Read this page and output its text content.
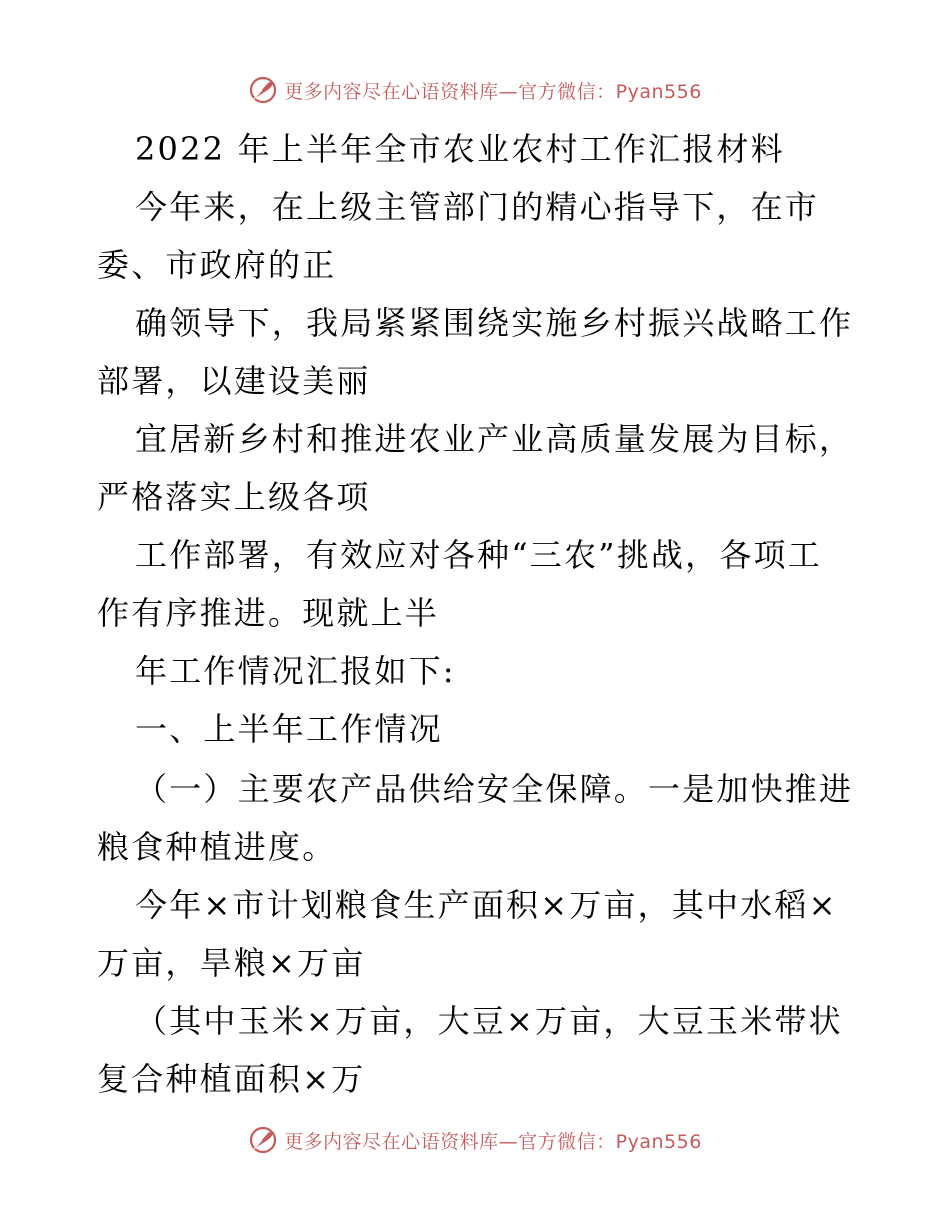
更多内容尽在心语资料库—官方微信：Pyan556
2022 年上半年全市农业农村工作汇报材料
今年来，在上级主管部门的精心指导下，在市
委、市政府的正
确领导下，我局紧紧围绕实施乡村振兴战略工作
部署，以建设美丽
宜居新乡村和推进农业产业高质量发展为目标，
严格落实上级各项
工作部署，有效应对各种“三农”挑战，各项工
作有序推进。现就上半
年工作情况汇报如下:
一、上半年工作情况
（一）主要农产品供给安全保障。一是加快推进
粮食种植进度。
今年×市计划粮食生产面积×万亩，其中水稻×
万亩，旱粮×万亩
（其中玉米×万亩，大豆×万亩，大豆玉米带状
复合种植面积×万
更多内容尽在心语资料库—官方微信：Pyan556
